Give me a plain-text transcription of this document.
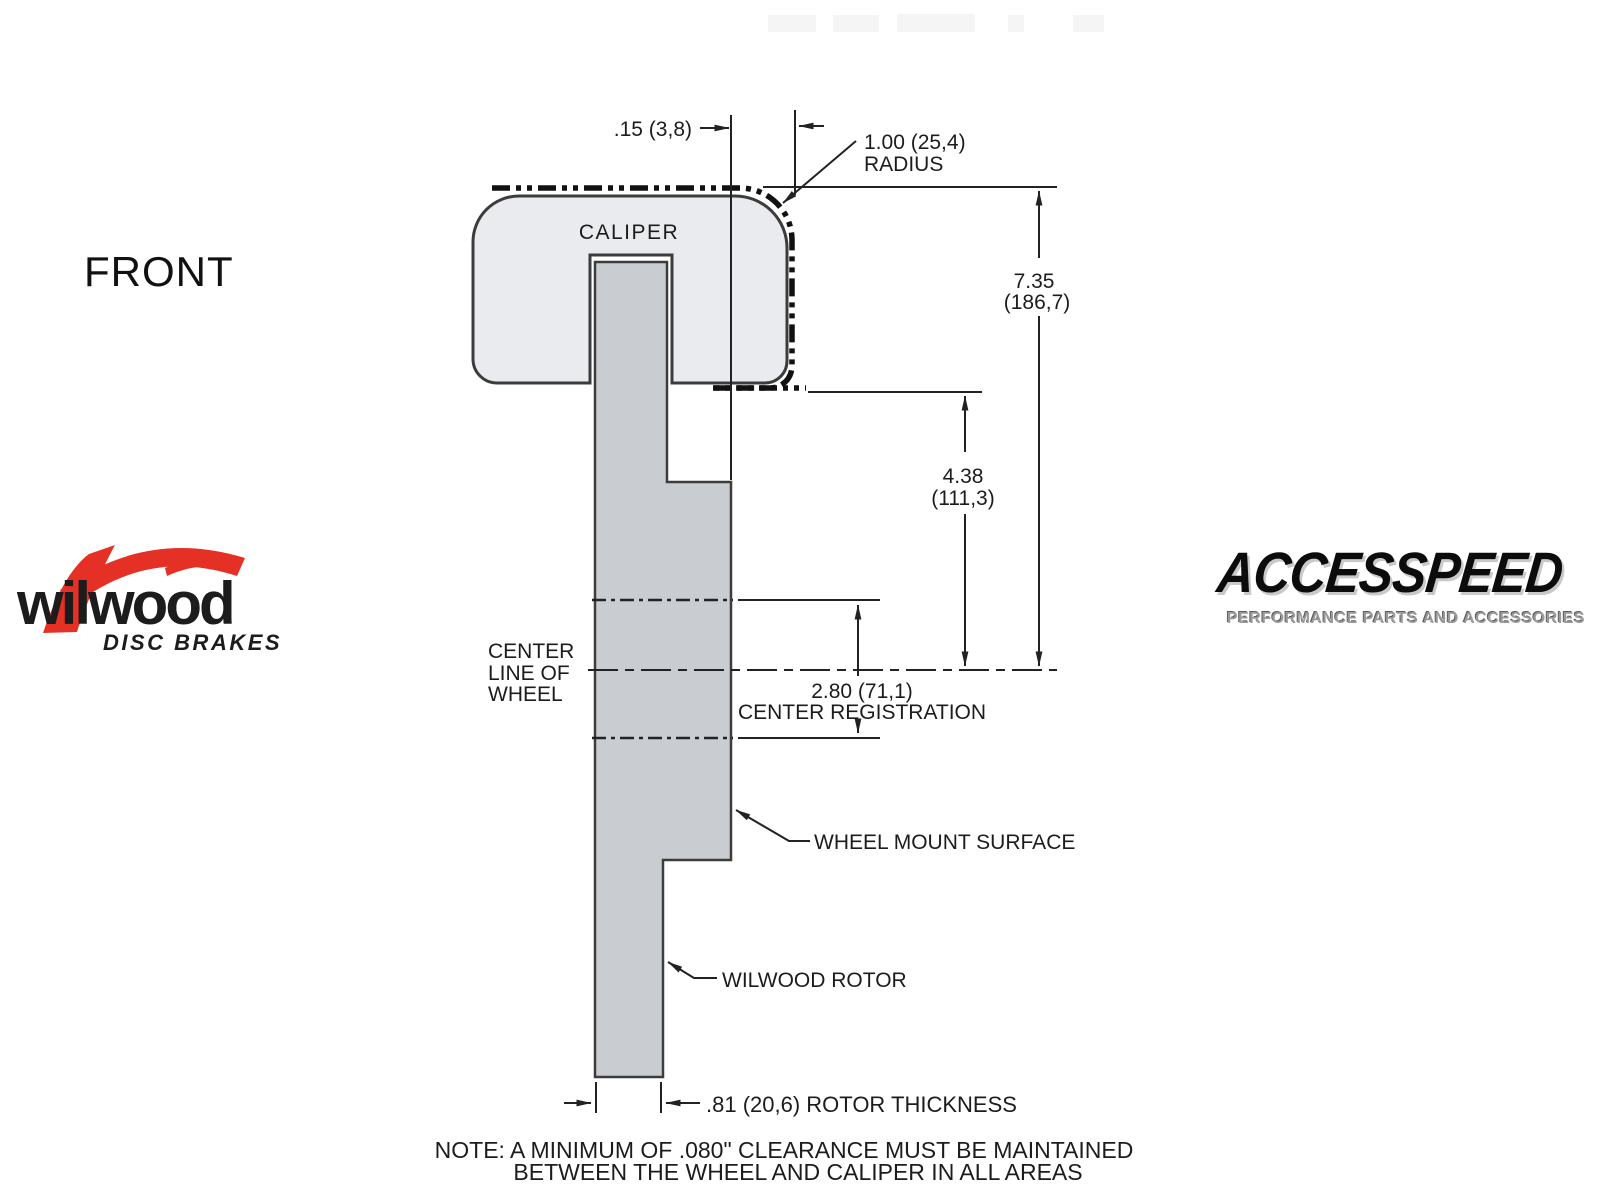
FRONT
.15 (3,8)
1.00 (25,4)
RADIUS
CALIPER
7.35
(186,7)
4.38
(111,3)
CENTER
LINE OF
WHEEL	2.80 (71,1)
CENTER REGISTRATION
WHEEL MOUNT SURFACE
WILWOOD ROTOR
.81 (20,6) ROTOR THICKNESS
NOTE: A MINIMUM OF .080" CLEARANCE MUST BE MAINTAINED
BETWEEN THE WHEEL AND CALIPER IN ALL AREAS
wilwood
DISC BRAKES
ACCESSPEED
PERFORMANCE PARTS AND ACCESSORIES
